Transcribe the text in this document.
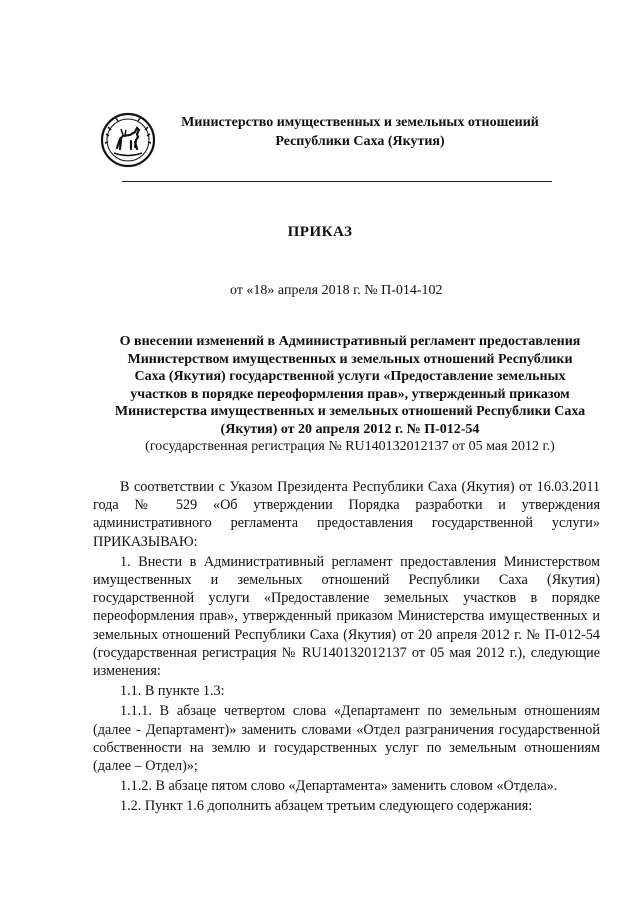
Министерство имущественных и земельных отношений
Республики Саха (Якутия)
ПРИКАЗ
от «18» апреля 2018 г. № П-014-102
О внесении изменений в Административный регламент предоставления
Министерством имущественных и земельных отношений Республики
Саха (Якутия) государственной услуги «Предоставление земельных
участков в порядке переоформления прав», утвержденный приказом
Министерства имущественных и земельных отношений Республики Саха
(Якутия) от 20 апреля 2012 г. № П-012-54
(государственная регистрация № RU140132012137 от 05 мая 2012 г.)

В соответствии с Указом Президента Республики Саха (Якутия) от 16.03.2011 года № 529 «Об утверждении Порядка разработки и утверждения административного регламента предоставления государственной услуги» ПРИКАЗЫВАЮ:

1. Внести в Административный регламент предоставления Министерством имущественных и земельных отношений Республики Саха (Якутия) государственной услуги «Предоставление земельных участков в порядке переоформления прав», утвержденный приказом Министерства имущественных и земельных отношений Республики Саха (Якутия) от 20 апреля 2012 г. № П-012-54 (государственная регистрация № RU140132012137 от 05 мая 2012 г.), следующие изменения:

1.1. В пункте 1.3:

1.1.1. В абзаце четвертом слова «Департамент по земельным отношениям (далее - Департамент)» заменить словами «Отдел разграничения государственной собственности на землю и государственных услуг по земельным отношениям (далее – Отдел)»;

1.1.2. В абзаце пятом слово «Департамента» заменить словом «Отдела».

1.2. Пункт 1.6 дополнить абзацем третьим следующего содержания:
